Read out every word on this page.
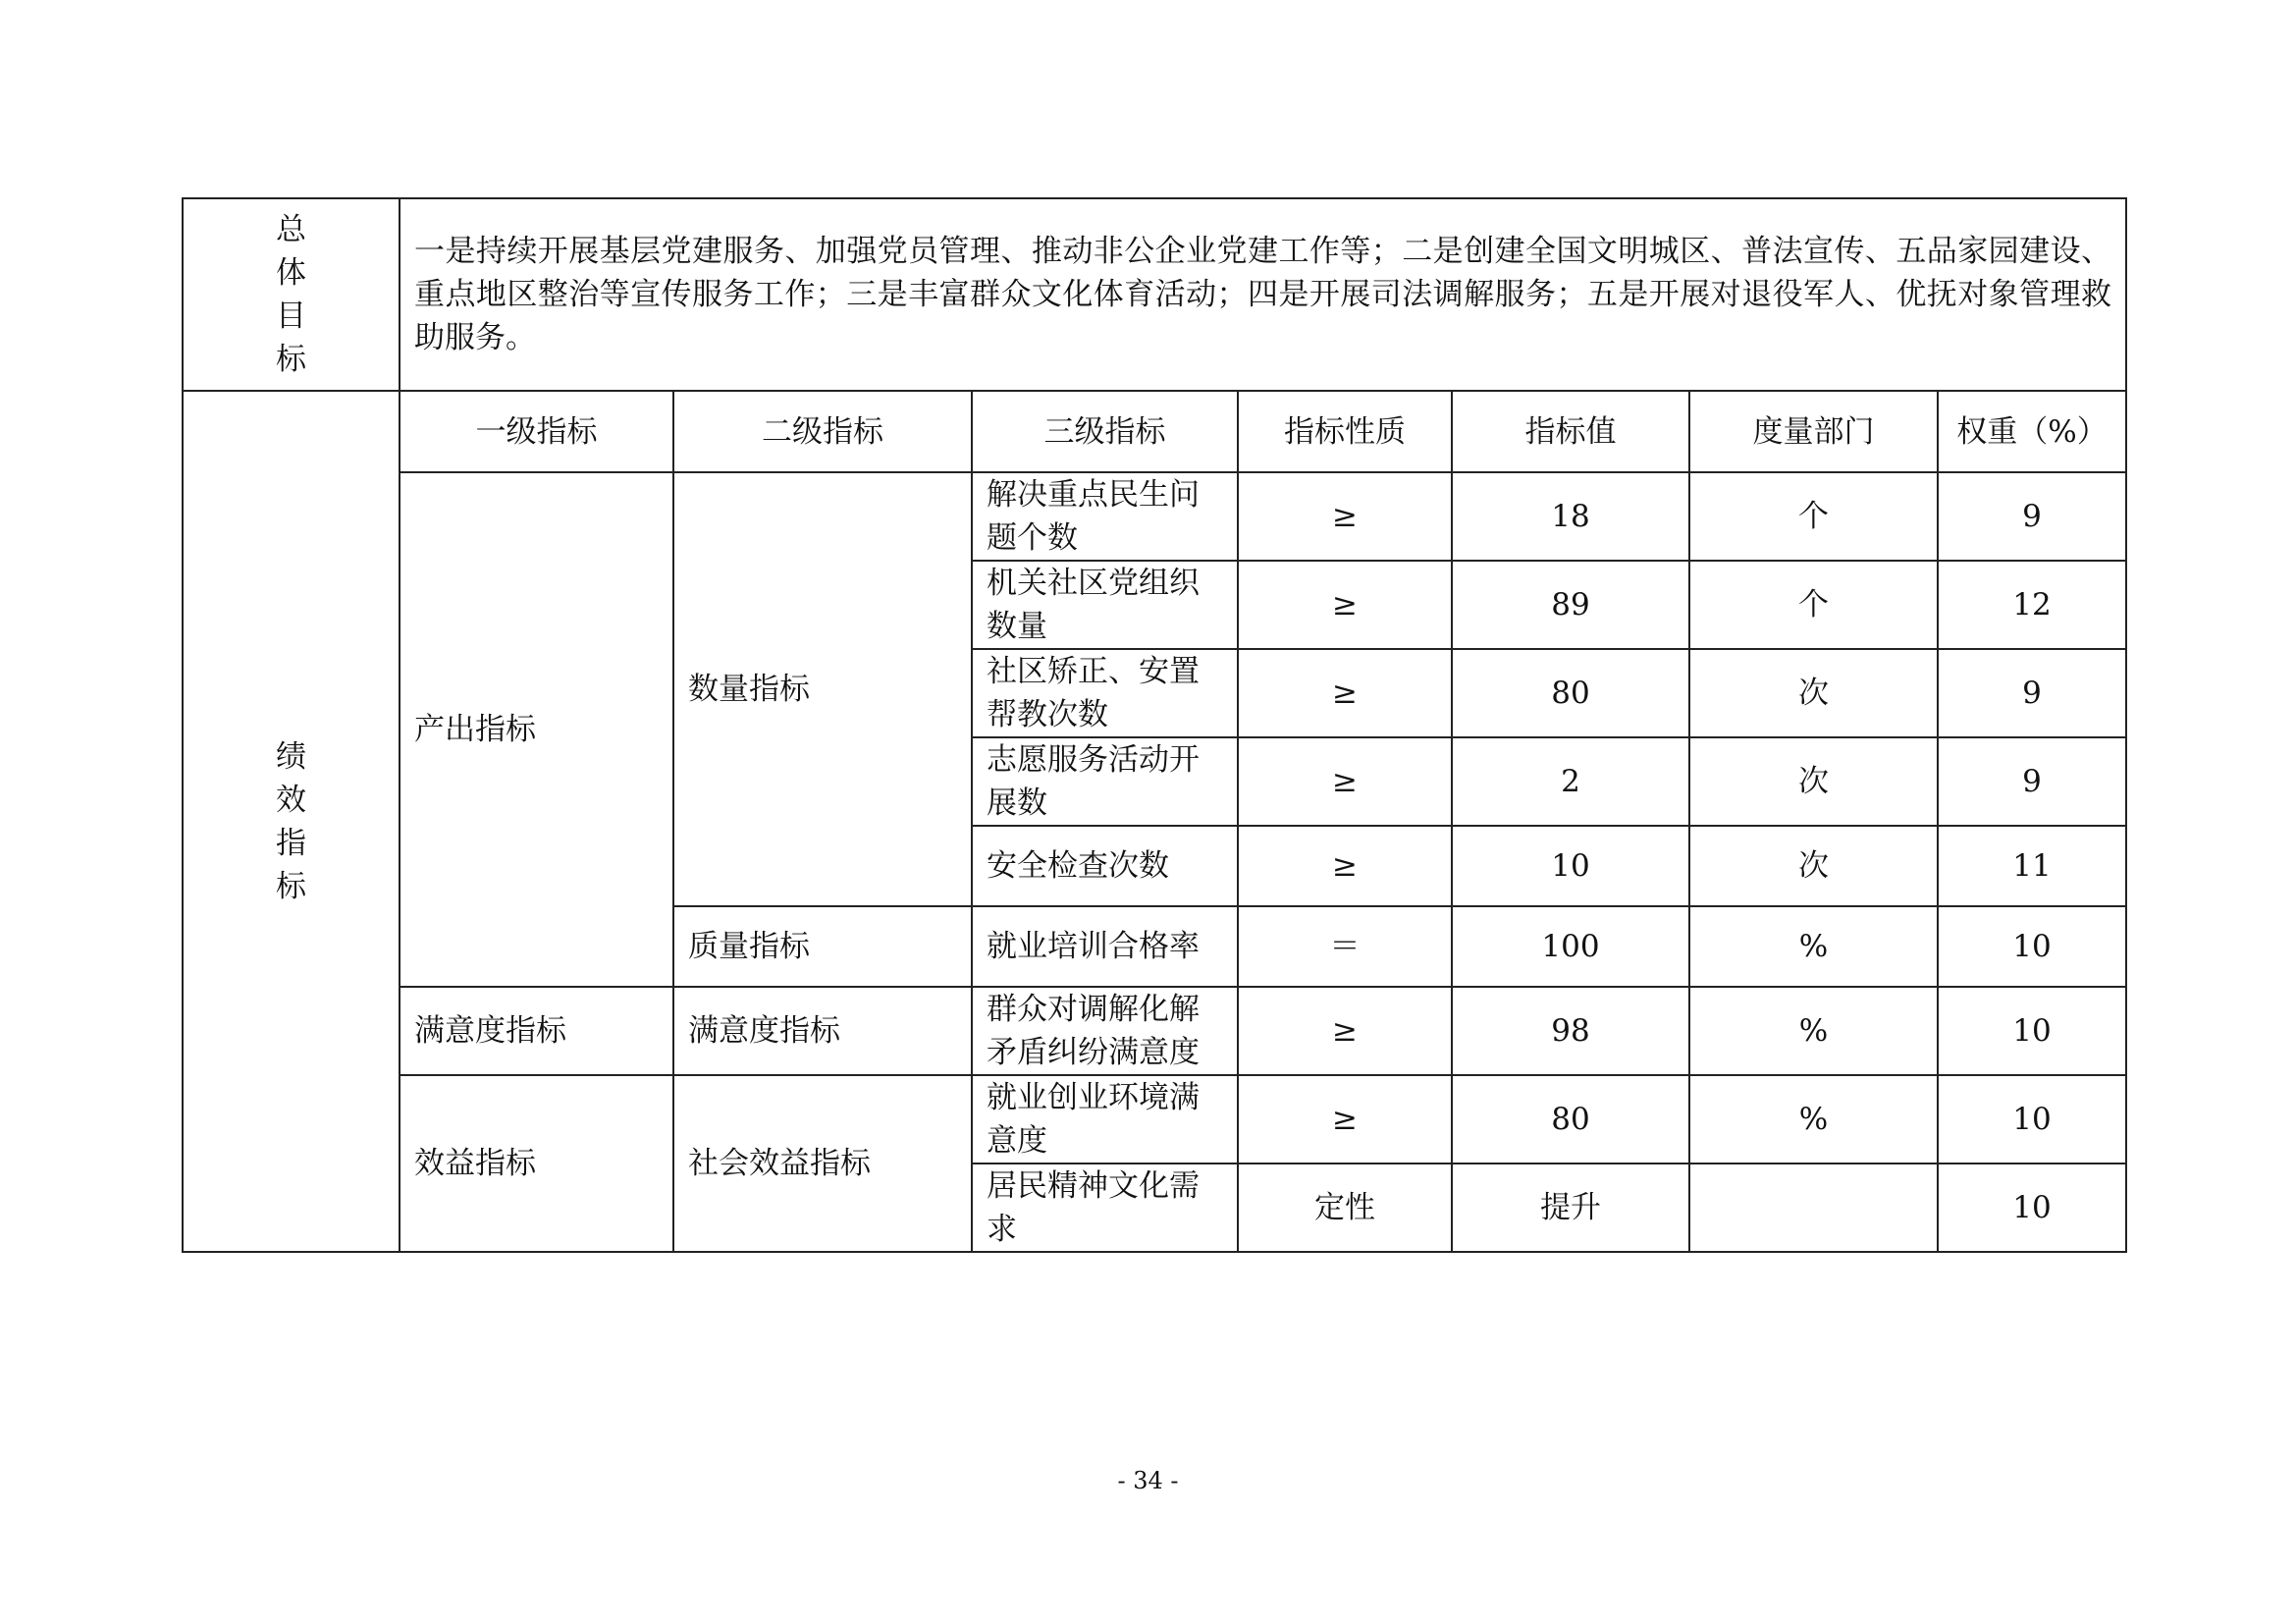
总
体
目
标	一是持续开展基层党建服务、加强党员管理、推动非公企业党建工作等；二是创建全国文明城区、普法宣传、五品家园建设、重点地区整治等宣传服务工作；三是丰富群众文化体育活动；四是开展司法调解服务；五是开展对退役军人、优抚对象管理救助服务。						

绩
效
指
标	一级指标	二级指标	三级指标	指标性质	指标值	度量部门	权重（%）
	产出指标	数量指标	解决重点民生问题个数	≥	18	个	9
			机关社区党组织数量	≥	89	个	12
			社区矫正、安置帮教次数	≥	80	次	9
			志愿服务活动开展数	≥	2	次	9
			安全检查次数	≥	10	次	11
		质量指标	就业培训合格率	＝	100	%	10
	满意度指标	满意度指标	群众对调解化解矛盾纠纷满意度	≥	98	%	10
	效益指标	社会效益指标	就业创业环境满意度	≥	80	%	10
			居民精神文化需求	定性	提升		10
- 34 -
